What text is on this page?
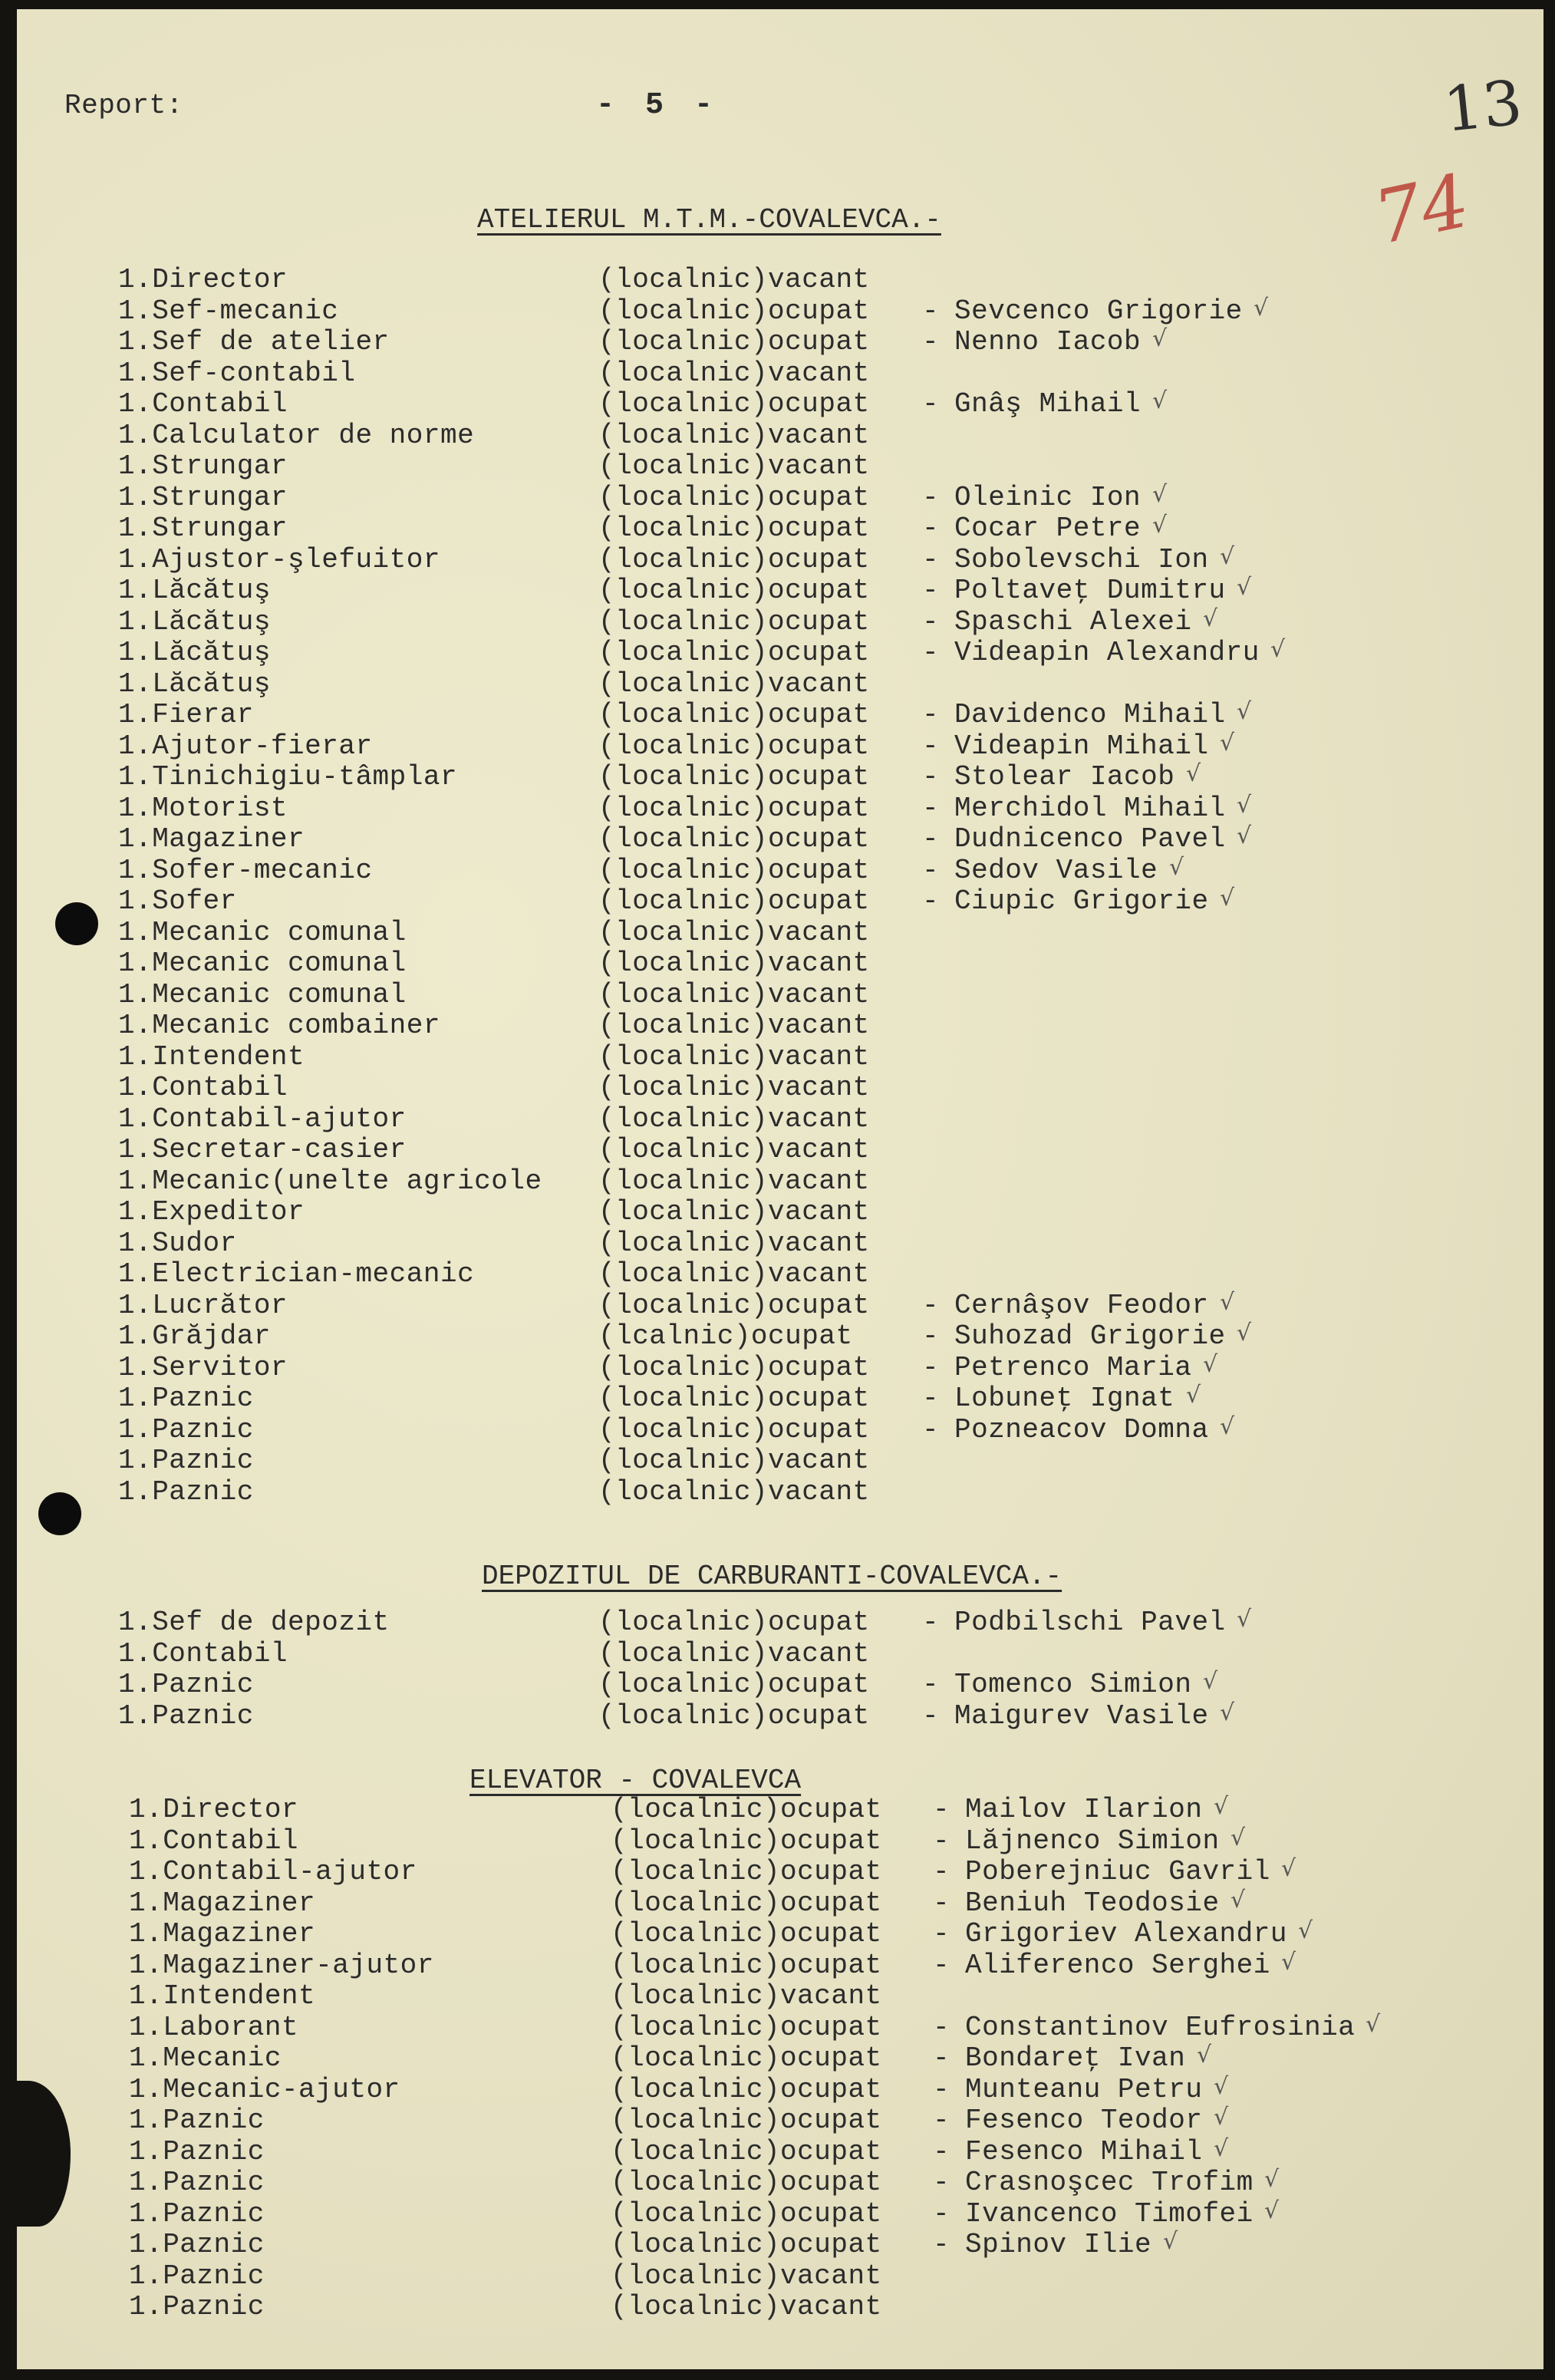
Report:	- 5 -	13
74
ATELIERUL M.T.M.-COVALEVCA.-
1.Director	(localnic)vacant
1.Sef-mecanic	(localnic)ocupat - Sevcenco Grigorie √
1.Sef de atelier	(localnic)ocupat - Nenno Iacob √
1.Sef-contabil	(localnic)vacant
1.Contabil	(localnic)ocupat - Gnâş Mihail √
1.Calculator de norme	(localnic)vacant
1.Strungar	(localnic)vacant
1.Strungar	(localnic)ocupat - Oleinic Ion √
1.Strungar	(localnic)ocupat - Cocar Petre √
1.Ajustor-şlefuitor	(localnic)ocupat - Sobolevschi Ion √
1.Lăcătuş	(localnic)ocupat - Poltaveţ Dumitru √
1.Lăcătuş	(localnic)ocupat - Spaschi Alexei √
1.Lăcătuş	(localnic)ocupat - Videapin Alexandru √
1.Lăcătuş	(localnic)vacant
1.Fierar	(localnic)ocupat - Davidenco Mihail √
1.Ajutor-fierar	(localnic)ocupat - Videapin Mihail √
1.Tinichigiu-tâmplar	(localnic)ocupat - Stolear Iacob √
1.Motorist	(localnic)ocupat - Merchidol Mihail √
1.Magaziner	(localnic)ocupat - Dudnicenco Pavel √
1.Sofer-mecanic	(localnic)ocupat - Sedov Vasile √
1.Sofer	(localnic)ocupat - Ciupic Grigorie √
1.Mecanic comunal	(localnic)vacant
1.Mecanic comunal	(localnic)vacant
1.Mecanic comunal	(localnic)vacant
1.Mecanic combainer	(localnic)vacant
1.Intendent	(localnic)vacant
1.Contabil	(localnic)vacant
1.Contabil-ajutor	(localnic)vacant
1.Secretar-casier	(localnic)vacant
1.Mecanic(unelte agricole (localnic)vacant
1.Expeditor	(localnic)vacant
1.Sudor	(localnic)vacant
1.Electrician-mecanic	(localnic)vacant
1.Lucrător	(localnic)ocupat - Cernâşov Feodor √
1.Grăjdar	(lcalnic)ocupat	- Suhozad Grigorie √
1.Servitor	(localnic)ocupat - Petrenco Maria √
1.Paznic	(localnic)ocupat - Lobuneţ Ignat √
1.Paznic	(localnic)ocupat - Pozneacov Domna √
1.Paznic	(localnic)vacant
1.Paznic	(localnic)vacant
DEPOZITUL DE CARBURANTI-COVALEVCA.-
1.Sef de depozit	(localnic)ocupat - Podbilschi Pavel √
1.Contabil	(localnic)vacant
1.Paznic	(localnic)ocupat - Tomenco Simion √
1.Paznic	(localnic)ocupat - Maigurev Vasile √
ELEVATOR - COVALEVCA
1.Director	(localnic)ocupat - Mailov Ilarion √
1.Contabil	(localnic)ocupat - Lăjnenco Simion √
1.Contabil-ajutor	(localnic)ocupat - Poberejniuc Gavril √
1.Magaziner	(localnic)ocupat - Beniuh Teodosie √
1.Magaziner	(localnic)ocupat - Grigoriev Alexandru √
1.Magaziner-ajutor	(localnic)ocupat - Aliferenco Serghei √
1.Intendent	(localnic)vacant
1.Laborant	(localnic)ocupat - Constantinov Eufrosinia √
1.Mecanic	(localnic)ocupat - Bondareţ Ivan √
1.Mecanic-ajutor	(localnic)ocupat - Munteanu Petru √
1.Paznic	(localnic)ocupat - Fesenco Teodor √
1.Paznic	(localnic)ocupat - Fesenco Mihail √
1.Paznic	(localnic)ocupat - Crasnoşcec Trofim √
1.Paznic	(localnic)ocupat - Ivancenco Timofei √
1.Paznic	(localnic)ocupat - Spinov Ilie √
1.Paznic	(localnic)vacant
1.Paznic	(localnic)vacant
